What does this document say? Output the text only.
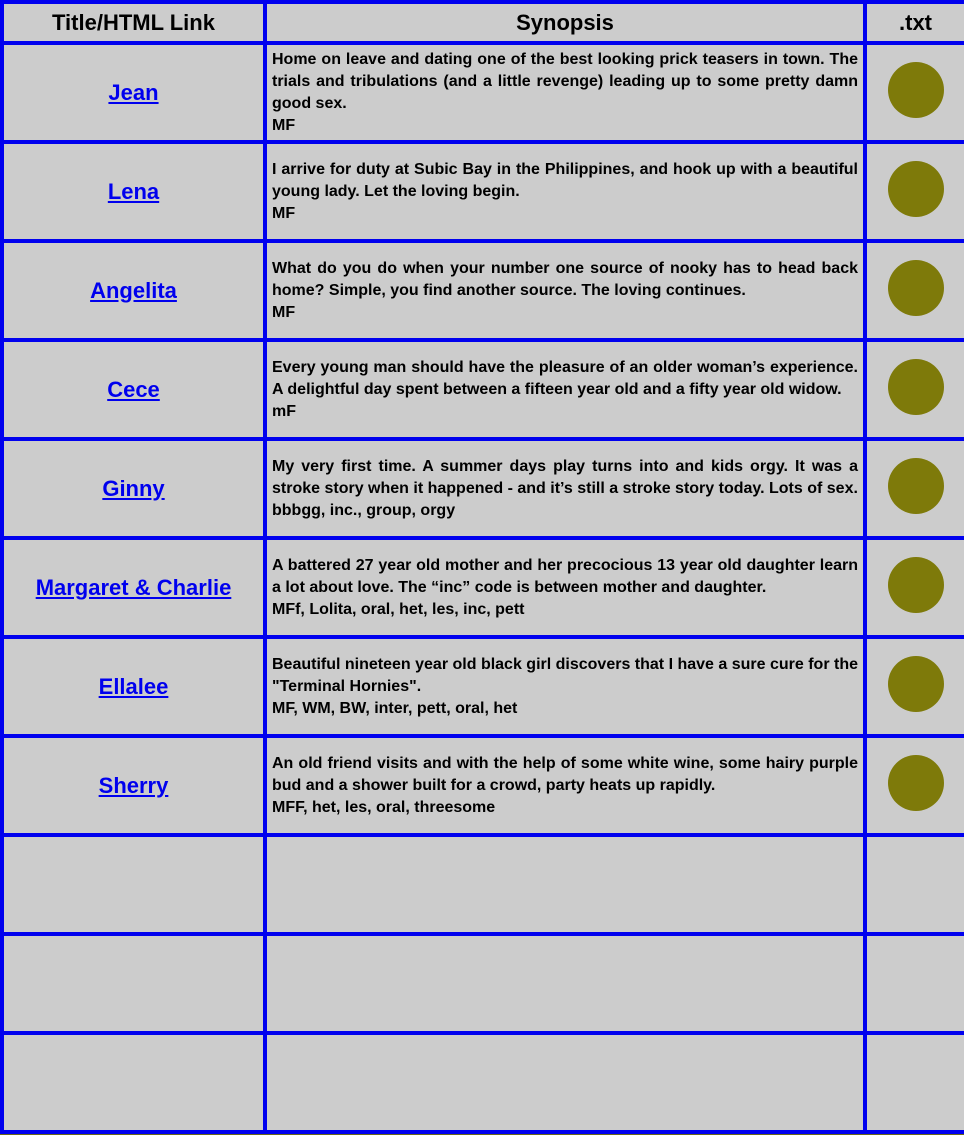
Title/HTML Link	Synopsis	.txt
Jean	Home on leave and dating one of the best looking prick teasers in town. The trials and tribulations (and a little revenge) leading up to some pretty damn good sex.
MF	

Lena	I arrive for duty at Subic Bay in the Philippines, and hook up with a beautiful young lady. Let the loving begin.
MF	

Angelita	What do you do when your number one source of nooky has to head back home? Simple, you find another source. The loving continues.
MF	

Cece	Every young man should have the pleasure of an older woman’s experience. A delightful day spent between a fifteen year old and a fifty year old widow.
mF	

Ginny	My very first time. A summer days play turns into and kids orgy. It was a stroke story when it happened - and it’s still a stroke story today. Lots of sex.
bbbgg, inc., group, orgy	

Margaret & Charlie	A battered 27 year old mother and her precocious 13 year old daughter learn a lot about love. The “inc” code is between mother and daughter.
MFf, Lolita, oral, het, les, inc, pett	

Ellalee	Beautiful nineteen year old black girl discovers that I have a sure cure for the "Terminal Hornies".
MF, WM, BW, inter, pett, oral, het	

Sherry	An old friend visits and with the help of some white wine, some hairy purple bud and a shower built for a crowd, party heats up rapidly.
MFF, het, les, oral, threesome	
